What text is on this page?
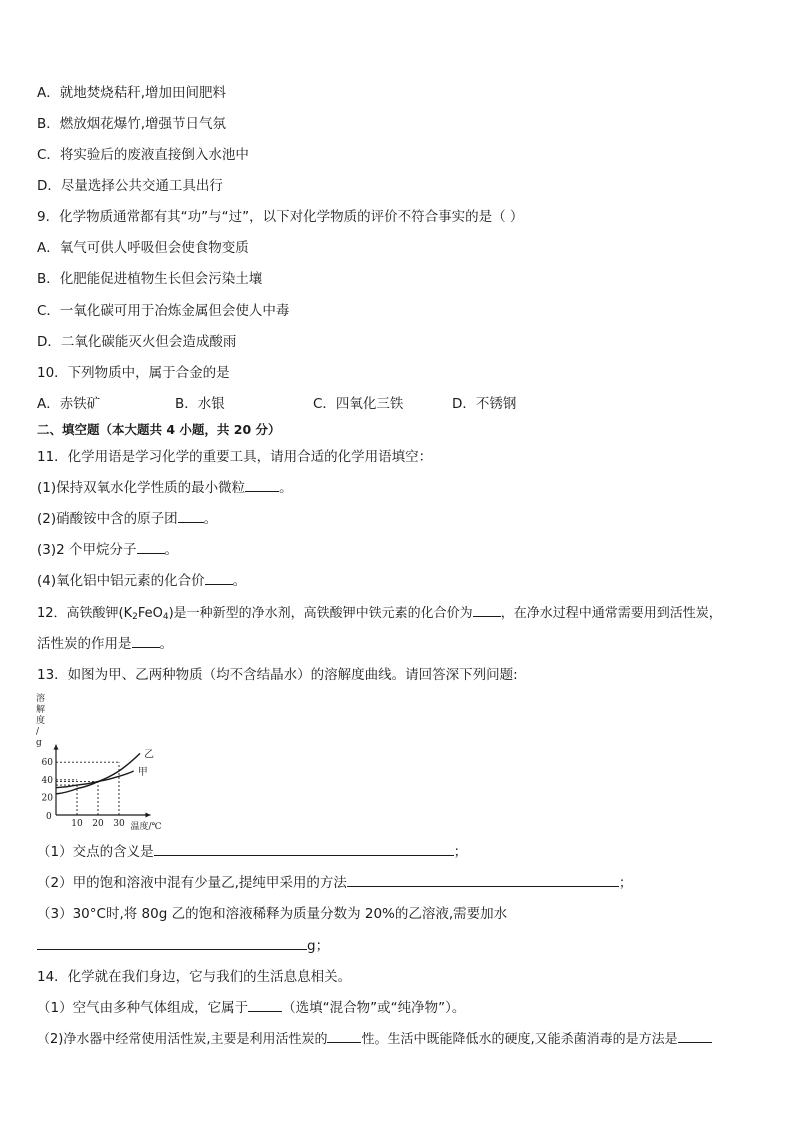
A．就地焚烧秸秆,增加田间肥料
B．燃放烟花爆竹,增强节日气氛
C．将实验后的废液直接倒入水池中
D．尽量选择公共交通工具出行
9．化学物质通常都有其“功”与“过”，以下对化学物质的评价不符合事实的是（ ）
A．氧气可供人呼吸但会使食物变质
B．化肥能促进植物生长但会污染土壤
C．一氧化碳可用于冶炼金属但会使人中毒
D．二氧化碳能灭火但会造成酸雨
10．下列物质中，属于合金的是
A．赤铁矿	B．水银	C．四氧化三铁	D．不锈钢
二、填空题（本大题共 4 小题，共 20 分）
11．化学用语是学习化学的重要工具，请用合适的化学用语填空：
(1)保持双氧水化学性质的最小微粒	。
(2)硝酸铵中含的原子团 。
(3)2 个甲烷分子 。
(4)氧化铝中铝元素的化合价 。
12．高铁酸钾$(K_2FeO_4)$是一种新型的净水剂，高铁酸钾中铁元素的化合价为 ，在净水过程中通常需要用到活性炭，
活性炭的作用是 。
13．如图为甲、乙两种物质（均不含结晶水）的溶解度曲线。请回答深下列问题:
0
10 20 30
20
40
60
溶
解
度
/
g
温度/℃
甲
乙
（1）交点的含义是	；
（2）甲的饱和溶液中混有少量乙,提纯甲采用的方法	；
（3）30°C时,将 80g 乙的饱和溶液稀释为质量分数为 20%的乙溶液,需要加水
g；
14．化学就在我们身边，它与我们的生活息息相关。
（1）空气由多种气体组成，它属于	（选填“混合物”或“纯净物”）。
（2)净水器中经常使用活性炭,主要是利用活性炭的	性。生活中既能降低水的硬度,又能杀菌消毒的是方法是
